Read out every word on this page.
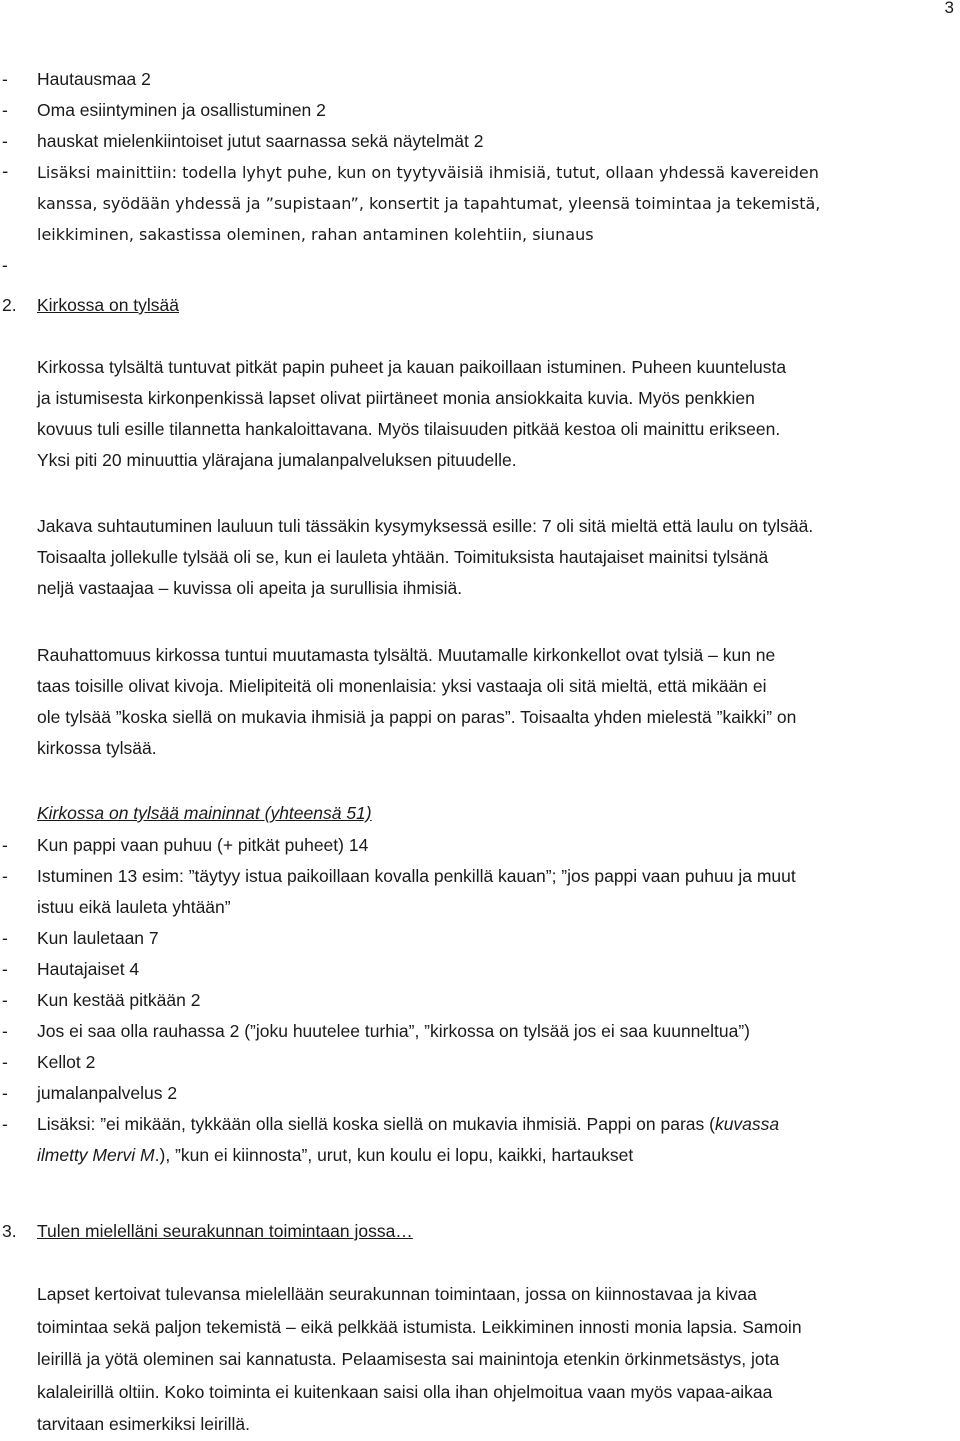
3
-	Hautausmaa 2
-	Oma esiintyminen ja osallistuminen 2
-	hauskat mielenkiintoiset jutut saarnassa sekä näytelmät 2
-	Lisäksi mainittiin: todella lyhyt puhe, kun on tyytyväisiä ihmisiä, tutut, ollaan yhdessä kavereiden
kanssa, syödään yhdessä ja ”supistaan”, konsertit ja tapahtumat, yleensä toimintaa ja tekemistä,
leikkiminen, sakastissa oleminen, rahan antaminen kolehtiin, siunaus
-
2.	Kirkossa on tylsää
Kirkossa tylsältä tuntuvat pitkät papin puheet ja kauan paikoillaan istuminen. Puheen kuuntelusta
ja istumisesta kirkonpenkissä lapset olivat piirtäneet monia ansiokkaita kuvia. Myös penkkien
kovuus tuli esille tilannetta hankaloittavana. Myös tilaisuuden pitkää kestoa oli mainittu erikseen.
Yksi piti 20 minuuttia ylärajana jumalanpalveluksen pituudelle.
Jakava suhtautuminen lauluun tuli tässäkin kysymyksessä esille: 7 oli sitä mieltä että laulu on tylsää.
Toisaalta jollekulle tylsää oli se, kun ei lauleta yhtään. Toimituksista hautajaiset mainitsi tylsänä
neljä vastaajaa – kuvissa oli apeita ja surullisia ihmisiä.
Rauhattomuus kirkossa tuntui muutamasta tylsältä. Muutamalle kirkonkellot ovat tylsiä – kun ne
taas toisille olivat kivoja. Mielipiteitä oli monenlaisia: yksi vastaaja oli sitä mieltä, että mikään ei
ole tylsää ”koska siellä on mukavia ihmisiä ja pappi on paras”. Toisaalta yhden mielestä ”kaikki” on
kirkossa tylsää.
Kirkossa on tylsää maininnat (yhteensä 51)
-	Kun pappi vaan puhuu (+ pitkät puheet) 14
-	Istuminen 13 esim: ”täytyy istua paikoillaan kovalla penkillä kauan”; ”jos pappi vaan puhuu ja muut
istuu eikä lauleta yhtään”
-	Kun lauletaan 7
-	Hautajaiset 4
-	Kun kestää pitkään 2
-	Jos ei saa olla rauhassa 2 (”joku huutelee turhia”, ”kirkossa on tylsää jos ei saa kuunneltua”)
-	Kellot 2
-	jumalanpalvelus 2
-	Lisäksi: ”ei mikään, tykkään olla siellä koska siellä on mukavia ihmisiä. Pappi on paras (kuvassa
ilmetty Mervi M .), ”kun ei kiinnosta”, urut, kun koulu ei lopu, kaikki, hartaukset
3.	Tulen mielelläni seurakunnan toimintaan jossa…
Lapset kertoivat tulevansa mielellään seurakunnan toimintaan, jossa on kiinnostavaa ja kivaa
toimintaa sekä paljon tekemistä – eikä pelkkää istumista. Leikkiminen innosti monia lapsia. Samoin
leirillä ja yötä oleminen sai kannatusta. Pelaamisesta sai mainintoja etenkin örkinmetsästys, jota
kalaleirillä oltiin. Koko toiminta ei kuitenkaan saisi olla ihan ohjelmoitua vaan myös vapaa-aikaa
tarvitaan esimerkiksi leirillä.
